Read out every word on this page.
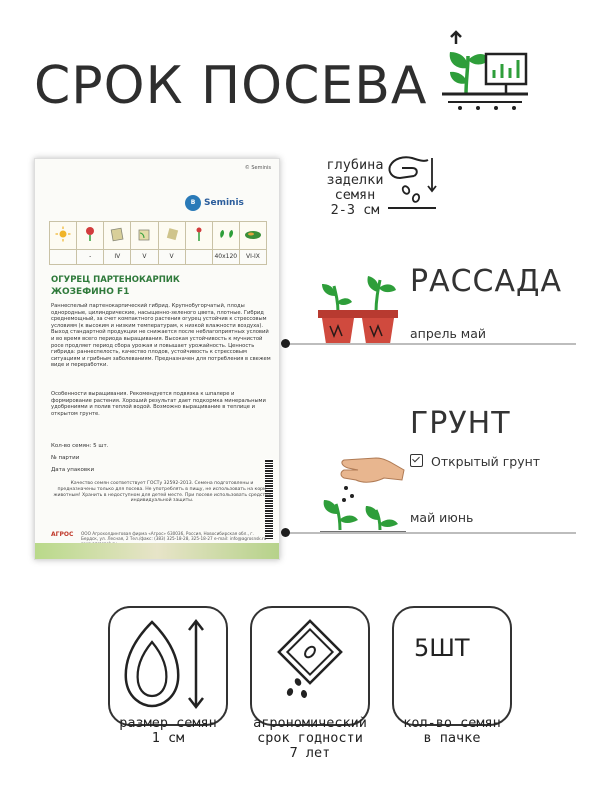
СРОК ПОСЕВА
© Seminis
B Seminis

	-	IV	V	V		40x120	VI-IX
ОГУРЕЦ ПАРТЕНОКАРПИК
ЖОЗЕФИНО F1
Раннеспелый партенокарпический гибрид. Крупнобугорчатый, плоды однородные, цилиндрические, насыщенно-зеленого цвета, плотные. Гибрид среднемощный, за счет компактного растения огурец устойчив к стрессовым условиям (к высоким и низким температурам, к низкой влажности воздуха). Выход стандартной продукции не снижается после неблагоприятных условий и во время всего периода выращивания. Высокая устойчивость к мучнистой росе продляет период сбора урожая и повышает урожайность. Ценность гибрида: раннеспелость, качество плодов, устойчивость к стрессовым ситуациям и грибным заболеваниям. Предназначен для потребления в свежем виде и переработки.
Особенности выращивания. Рекомендуется подвязка к шпалере и формирование растения. Хороший результат дает подкормка минеральными удобрениями и полив теплой водой. Возможно выращивание в теплице и открытом грунте.
Кол-во семян: 5 шт.
№ партии
Дата упаковки
Качество семян соответствует ГОСТу 32592-2013. Семена подготовлены и предназначены только для посева. Не употреблять в пищу, не использовать на корм животным! Хранить в недоступном для детей месте. При посеве использовать средства индивидуальной защиты.
АГРОС ООО Агрохолдинговая фирма «Агрос» 630036, Россия, Новосибирская обл., г. Бердск, ул. Лесная, 2 Тел./факс: (383) 325-18-28, 325-18-27 e-mail: info@agrosnsk.ru
глубина
заделки
семян
2-3 см
РАССАДА
апрель май
ГРУНТ
Открытый грунт
май июнь
размер семян
1 см
агрономический
срок годности
7 лет
5ШТ
кол-во семян
в пачке
